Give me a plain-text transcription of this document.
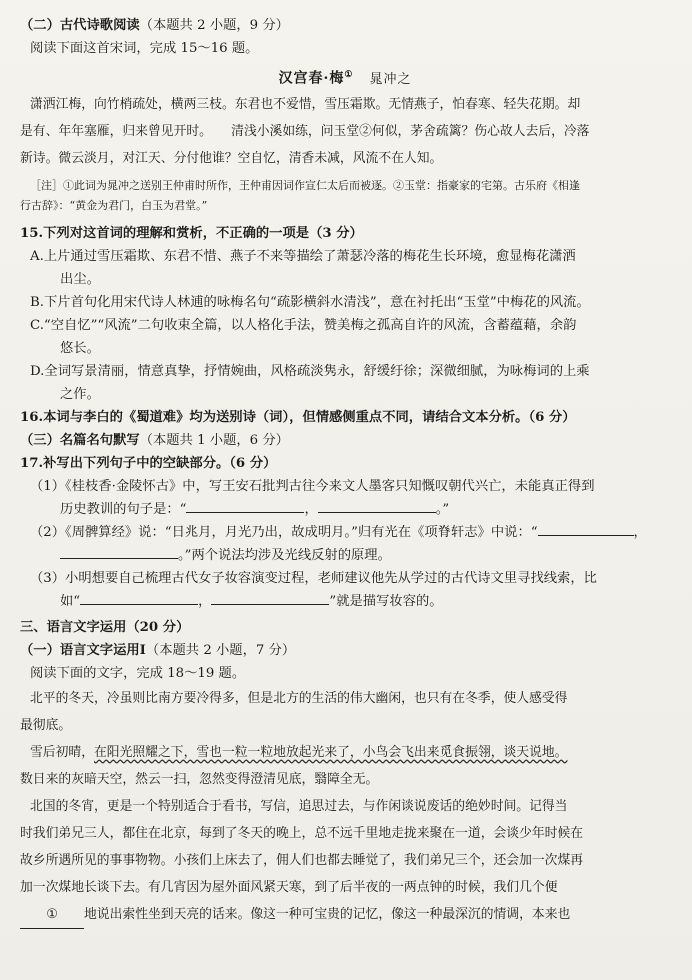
（二）古代诗歌阅读（本题共 2 小题，9 分）
阅读下面这首宋词，完成 15～16 题。
汉宫春·梅① 晁冲之
潇洒江梅，向竹梢疏处，横两三枝。东君也不爱惜，雪压霜欺。无情燕子，怕春寒、轻失花期。却
是有、年年塞雁，归来曾见开时。　　清浅小溪如练，问玉堂②何似，茅舍疏篱？伤心故人去后，冷落
新诗。微云淡月，对江天、分付他谁？空自忆，清香未减，风流不在人知。
［注］①此词为晁冲之送别王仲甫时所作，王仲甫因词作宣仁太后而被逐。②玉堂：指豪家的宅第。古乐府《相逢
行古辞》：“黄金为君门，白玉为君堂。”
15.下列对这首词的理解和赏析，不正确的一项是（3 分）
A.上片通过雪压霜欺、东君不惜、燕子不来等描绘了萧瑟冷落的梅花生长环境，愈显梅花潇洒
出尘。
B.下片首句化用宋代诗人林逋的咏梅名句“疏影横斜水清浅”，意在衬托出“玉堂”中梅花的风流。
C.“空自忆”“风流”二句收束全篇，以人格化手法，赞美梅之孤高自许的风流，含蓄蕴藉，余韵
悠长。
D.全词写景清丽，情意真挚，抒情婉曲，风格疏淡隽永，舒缓纡徐；深微细腻，为咏梅词的上乘
之作。
16.本词与李白的《蜀道难》均为送别诗（词），但情感侧重点不同，请结合文本分析。（6 分）
（三）名篇名句默写（本题共 1 小题，6 分）
17.补写出下列句子中的空缺部分。（6 分）
（1）《桂枝香·金陵怀古》中，写王安石批判古往今来文人墨客只知慨叹朝代兴亡，未能真正得到
历史教训的句子是：“	，	。”
（2）《周髀算经》说：“日兆月，月光乃出，故成明月。”归有光在《项脊轩志》中说：“	，
。”两个说法均涉及光线反射的原理。
（3）小明想要自己梳理古代女子妆容演变过程，老师建议他先从学过的古代诗文里寻找线索，比
如“	，	”就是描写妆容的。
三、语言文字运用（20 分）
（一）语言文字运用Ⅰ（本题共 2 小题，7 分）
阅读下面的文字，完成 18～19 题。
北平的冬天，冷虽则比南方要冷得多，但是北方的生活的伟大幽闲，也只有在冬季，使人感受得
最彻底。
雪后初晴，在阳光照耀之下，雪也一粒一粒地放起光来了，小鸟会飞出来觅食振翎，谈天说地。
数日来的灰暗天空，然云一扫，忽然变得澄清见底，翳障全无。
北国的冬宵，更是一个特别适合于看书，写信，追思过去，与作闲谈说废话的绝妙时间。记得当
时我们弟兄三人，都住在北京，每到了冬天的晚上，总不远千里地走拢来聚在一道，会谈少年时候在
故乡所遇所见的事事物物。小孩们上床去了，佣人们也都去睡觉了，我们弟兄三个，还会加一次煤再
加一次煤地长谈下去。有几宵因为屋外面风紧天寒，到了后半夜的一两点钟的时候，我们几个便
① 地说出索性坐到天亮的话来。像这一种可宝贵的记忆，像这一种最深沉的情调，本来也
